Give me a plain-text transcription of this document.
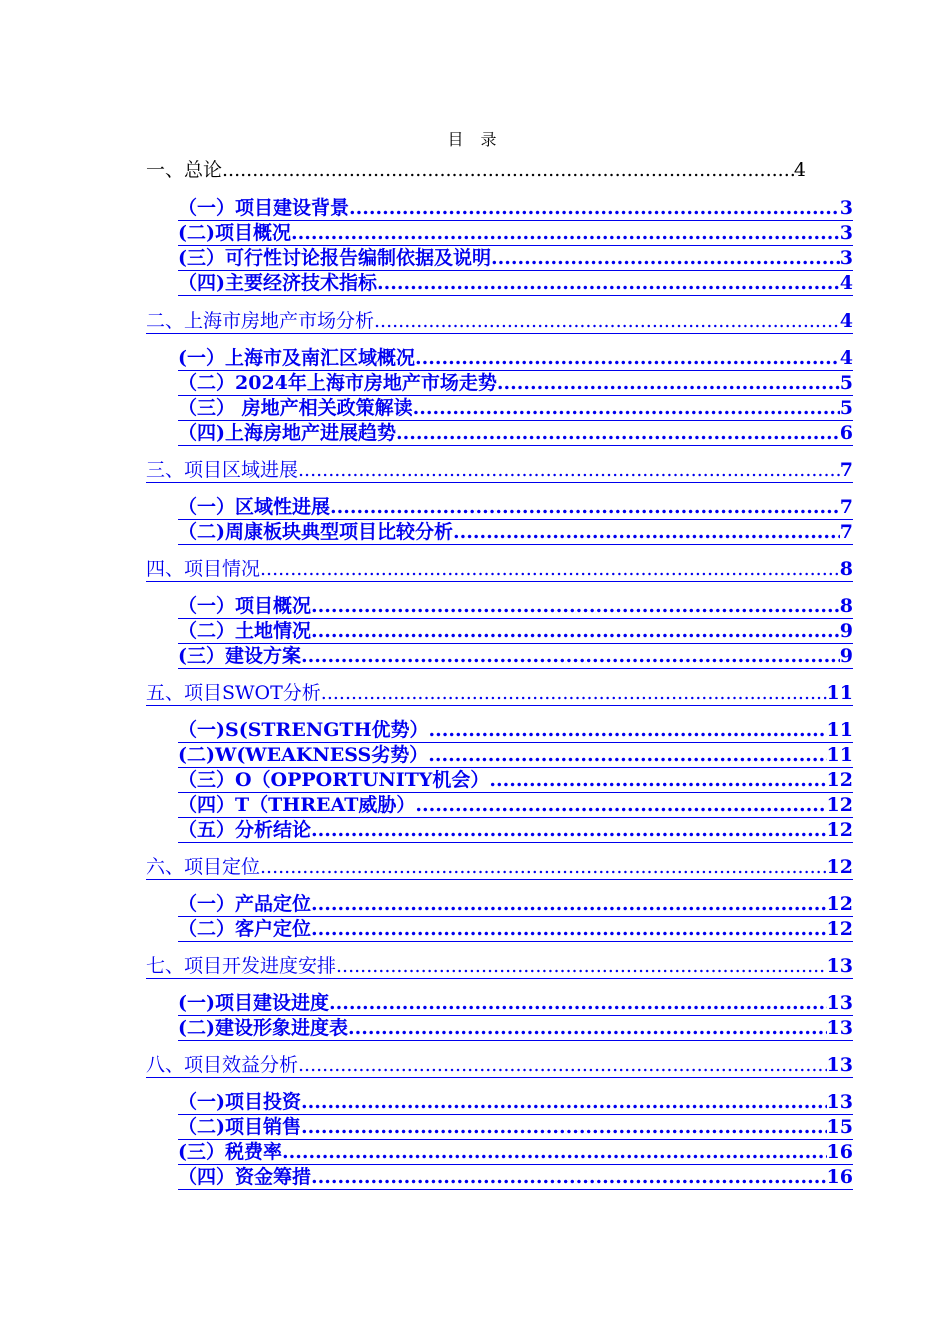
目 录
一、总论 .....	4
（一）项目建设背景 .....	3
(二)项目概况 .....	3
(三）可行性讨论报告编制依据及说明 .....	3
（四)主要经济技术指标 .....	4
二、上海市房地产市场分析 .....	4
(一）上海市及南汇区域概况 .....	4
（二）2024年上海市房地产市场走势 .....	5
（三） 房地产相关政策解读 .....	5
（四)上海房地产进展趋势 .....	6
三、项目区域进展 .....	7
（一）区域性进展 .....	7
（二)周康板块典型项目比较分析 .....	7
四、项目情况 .....	8
（一）项目概况 .....	8
（二）土地情况 .....	9
(三）建设方案 .....	9
五、项目SWOT分析 .....	11
（一)S(STRENGTH优势） .....	11
(二)W(WEAKNESS劣势） .....	11
（三）O（OPPORTUNITY机会） .....	12
（四）T（THREAT威胁） .....	12
（五）分析结论 .....	12
六、项目定位 .....	12
（一）产品定位 .....	12
（二）客户定位 .....	12
七、项目开发进度安排 .....	13
(一)项目建设进度 .....	13
(二)建设形象进度表 .....	13
八、项目效益分析 .....	13
（一)项目投资 .....	13
（二)项目销售 .....	15
(三）税费率 .....	16
（四）资金筹措 .....	16
